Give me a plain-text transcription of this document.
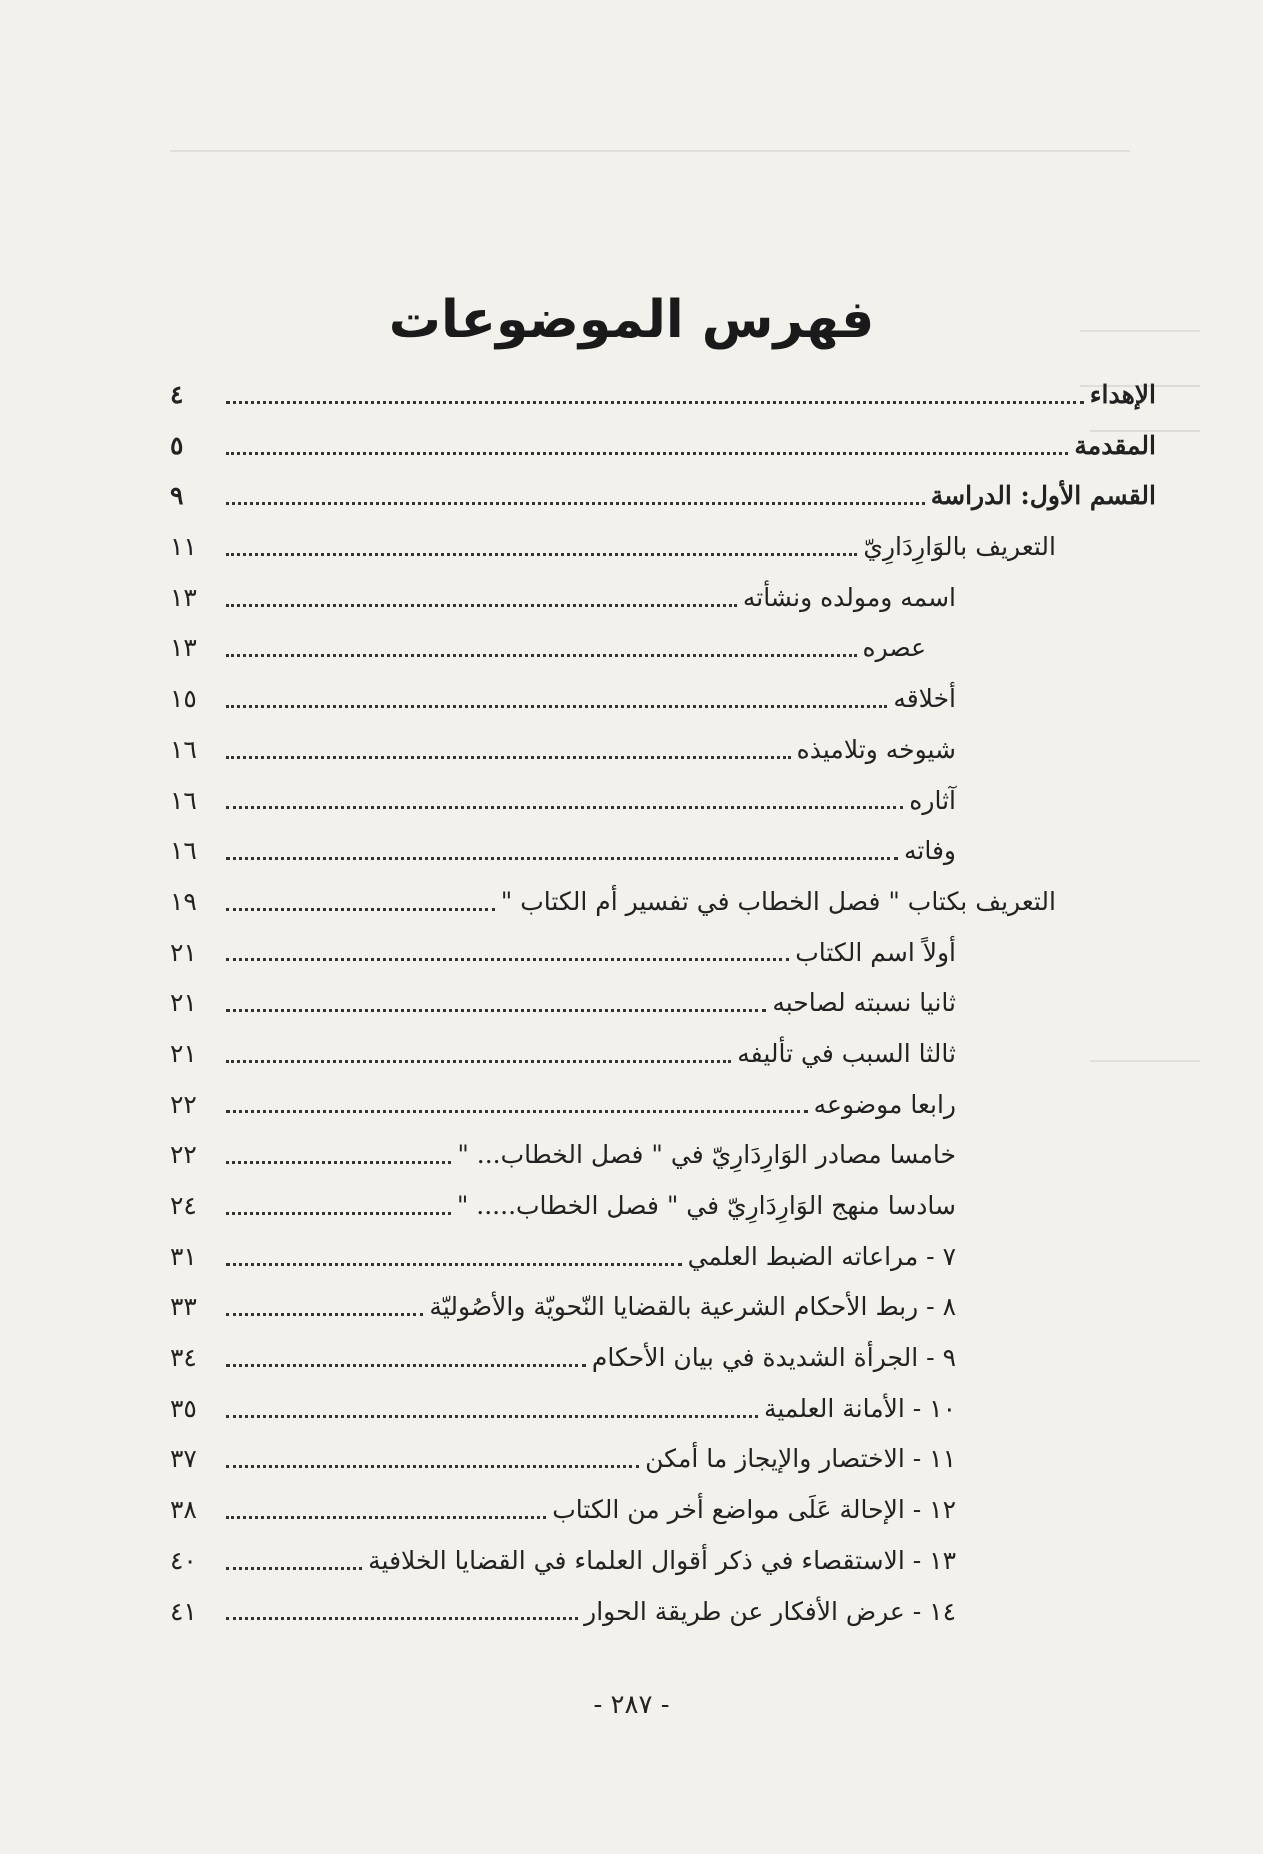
فهرس الموضوعات
الإهداء
٤
المقدمة
٥
القسم الأول: الدراسة
٩
التعريف بالوَارِدَارِيّ
١١
اسمه ومولده ونشأته
١٣
عصره
١٣
أخلاقه
١٥
شيوخه وتلاميذه
١٦
آثاره
١٦
وفاته
١٦
التعريف بكتاب " فصل الخطاب في تفسير أم الكتاب "
١٩
أولاً اسم الكتاب
٢١
ثانيا نسبته لصاحبه
٢١
ثالثا السبب في تأليفه
٢١
رابعا موضوعه
٢٢
خامسا مصادر الوَارِدَارِيّ في " فصل الخطاب... "
٢٢
سادسا منهج الوَارِدَارِيّ في " فصل الخطاب..... "
٢٤
٧ - مراعاته الضبط العلمي
٣١
٨ - ربط الأحكام الشرعية بالقضايا النّحويّة والأصُوليّة
٣٣
٩ - الجرأة الشديدة في بيان الأحكام
٣٤
١٠ - الأمانة العلمية
٣٥
١١ - الاختصار والإيجاز ما أمكن
٣٧
١٢ - الإحالة عَلَى مواضع أخر من الكتاب
٣٨
١٣ - الاستقصاء في ذكر أقوال العلماء في القضايا الخلافية
٤٠
١٤ - عرض الأفكار عن طريقة الحوار
٤١
- ٢٨٧ -
